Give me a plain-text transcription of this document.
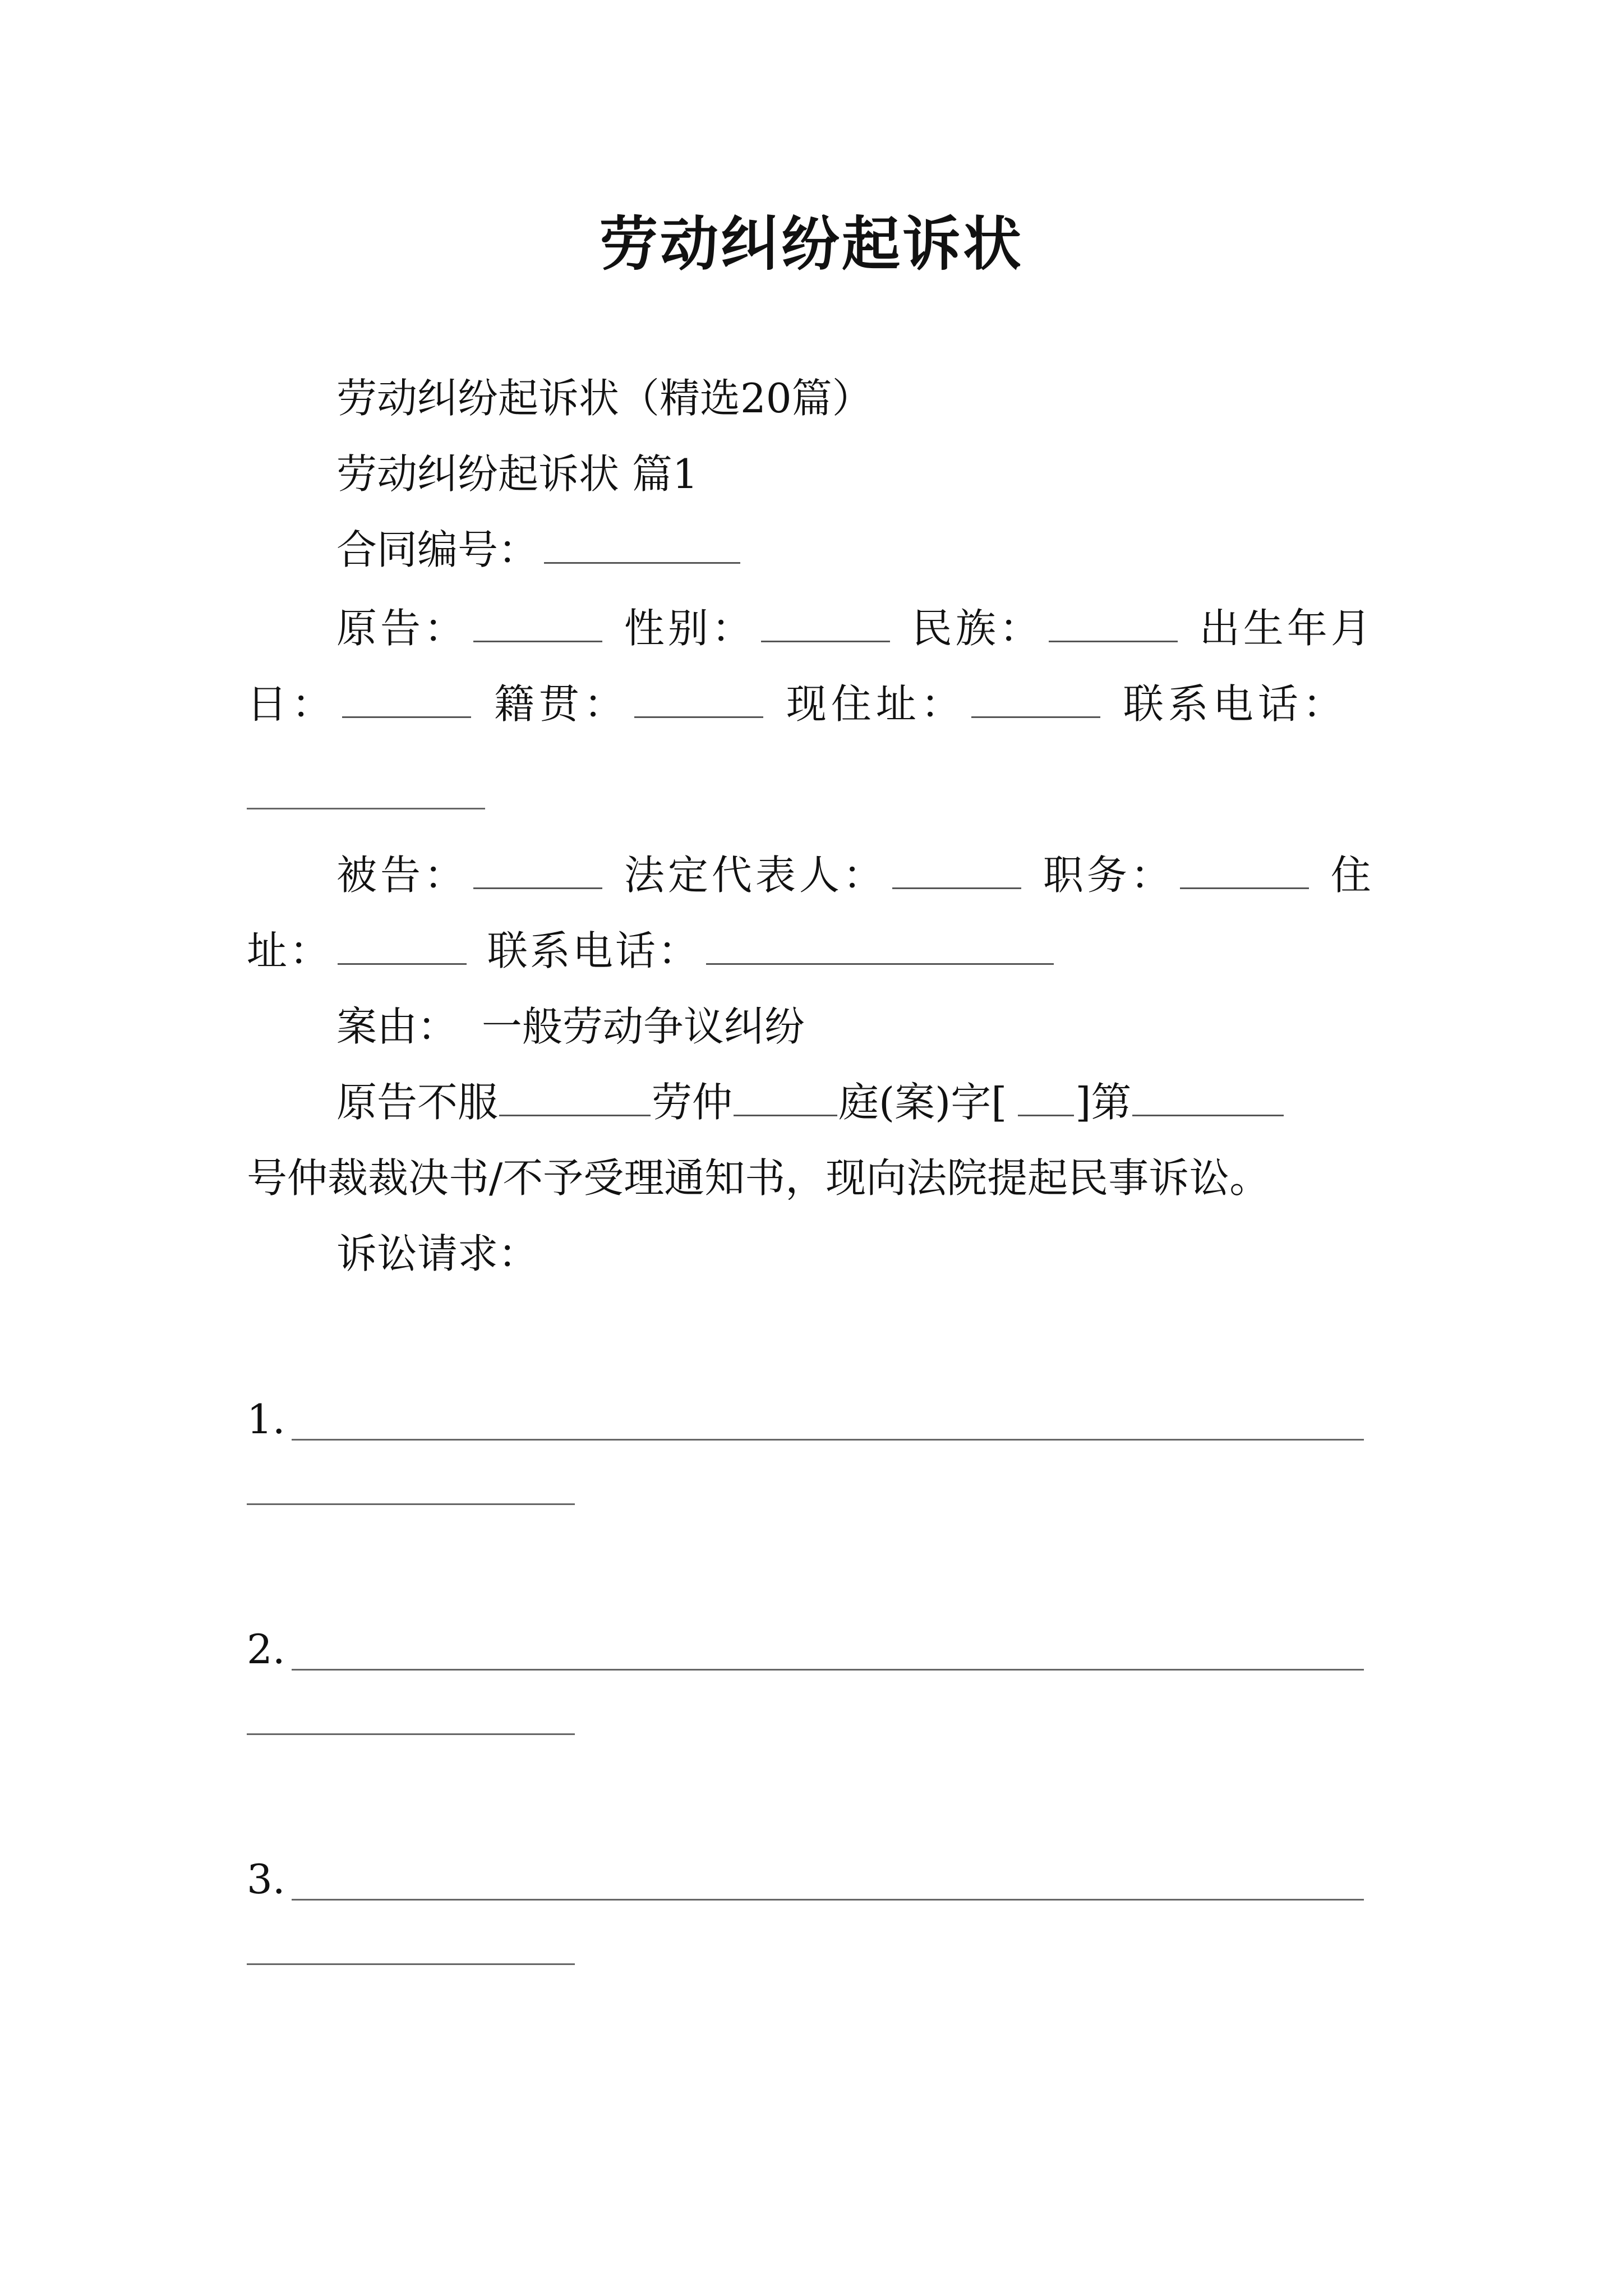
劳动纠纷起诉状
劳动纠纷起诉状（精选20篇）
劳动纠纷起诉状 篇1
合同编号：
原告：	性别：	民族：	出生年月
日：	籍贯：	现住址：	联系电话：
被告：	法定代表人：	职务：	住
址：	联系电话：
案由： 一般劳动争议纠纷
原告不服	劳仲	庭(案)字[ ]第
号仲裁裁决书/不予受理通知书，现向法院提起民事诉讼。
诉讼请求：
1.
2.
3.
